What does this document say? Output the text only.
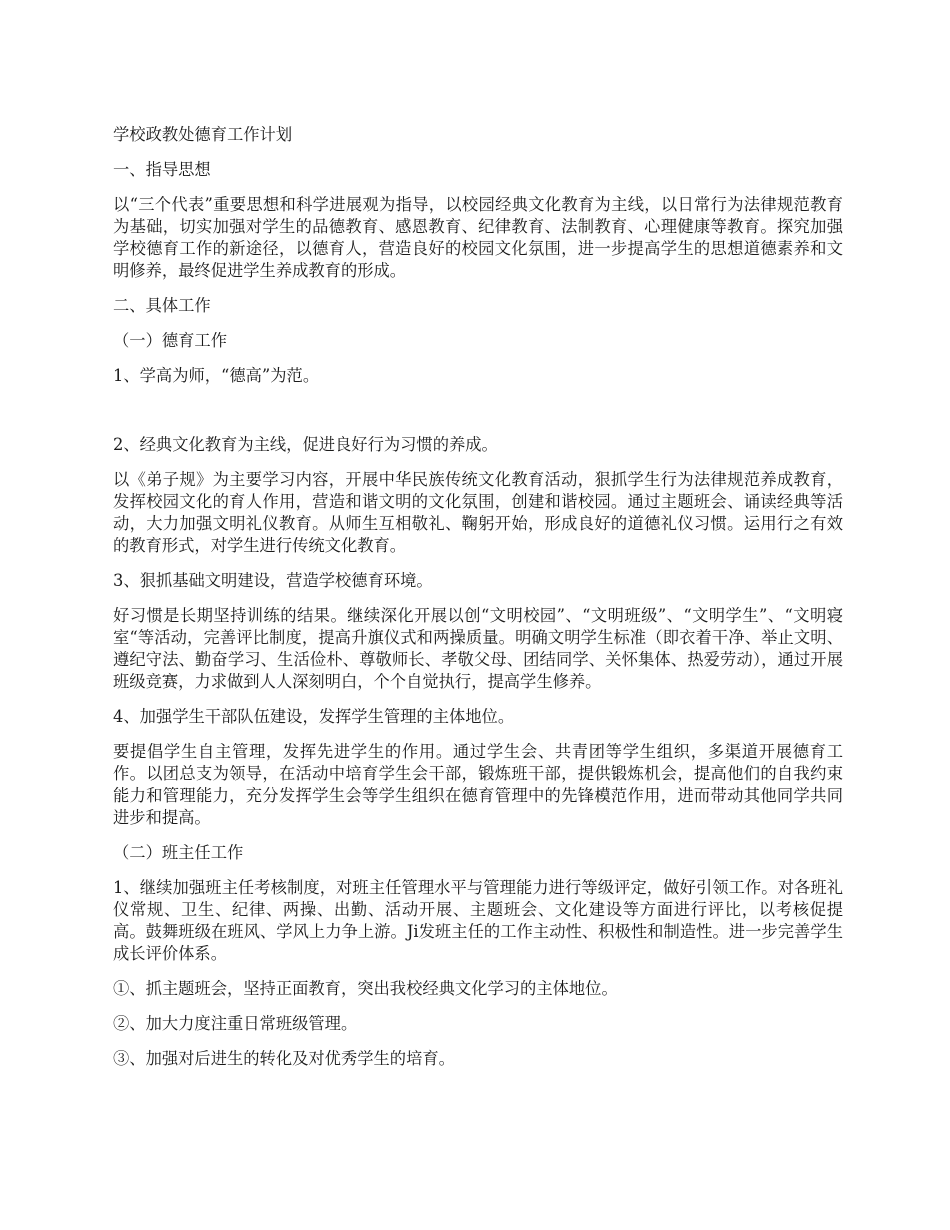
学校政教处德育工作计划

一、指导思想

以“三个代表”重要思想和科学进展观为指导，以校园经典文化教育为主线，以日常行为法律规范教育为基础，切实加强对学生的品德教育、感恩教育、纪律教育、法制教育、心理健康等教育。探究加强学校德育工作的新途径，以德育人，营造良好的校园文化氛围，进一步提高学生的思想道德素养和文明修养，最终促进学生养成教育的形成。

二、具体工作

（一）德育工作

1、学高为师，“德高”为范。

2、经典文化教育为主线，促进良好行为习惯的养成。

以《弟子规》为主要学习内容，开展中华民族传统文化教育活动，狠抓学生行为法律规范养成教育，发挥校园文化的育人作用，营造和谐文明的文化氛围，创建和谐校园。通过主题班会、诵读经典等活动，大力加强文明礼仪教育。从师生互相敬礼、鞠躬开始，形成良好的道德礼仪习惯。运用行之有效的教育形式，对学生进行传统文化教育。

3、狠抓基础文明建设，营造学校德育环境。

好习惯是长期坚持训练的结果。继续深化开展以创“文明校园”、“文明班级”、“文明学生”、“文明寝室“等活动，完善评比制度，提高升旗仪式和两操质量。明确文明学生标准（即衣着干净、举止文明、遵纪守法、勤奋学习、生活俭朴、尊敬师长、孝敬父母、团结同学、关怀集体、热爱劳动），通过开展班级竞赛，力求做到人人深刻明白，个个自觉执行，提高学生修养。

4、加强学生干部队伍建设，发挥学生管理的主体地位。

要提倡学生自主管理，发挥先进学生的作用。通过学生会、共青团等学生组织，多渠道开展德育工作。以团总支为领导，在活动中培育学生会干部，锻炼班干部，提供锻炼机会，提高他们的自我约束能力和管理能力，充分发挥学生会等学生组织在德育管理中的先锋模范作用，进而带动其他同学共同进步和提高。

（二）班主任工作

1、继续加强班主任考核制度，对班主任管理水平与管理能力进行等级评定，做好引领工作。对各班礼仪常规、卫生、纪律、两操、出勤、活动开展、主题班会、文化建设等方面进行评比，以考核促提高。鼓舞班级在班风、学风上力争上游。Ji发班主任的工作主动性、积极性和制造性。进一步完善学生成长评价体系。

①、抓主题班会，坚持正面教育，突出我校经典文化学习的主体地位。

②、加大力度注重日常班级管理。

③、加强对后进生的转化及对优秀学生的培育。
